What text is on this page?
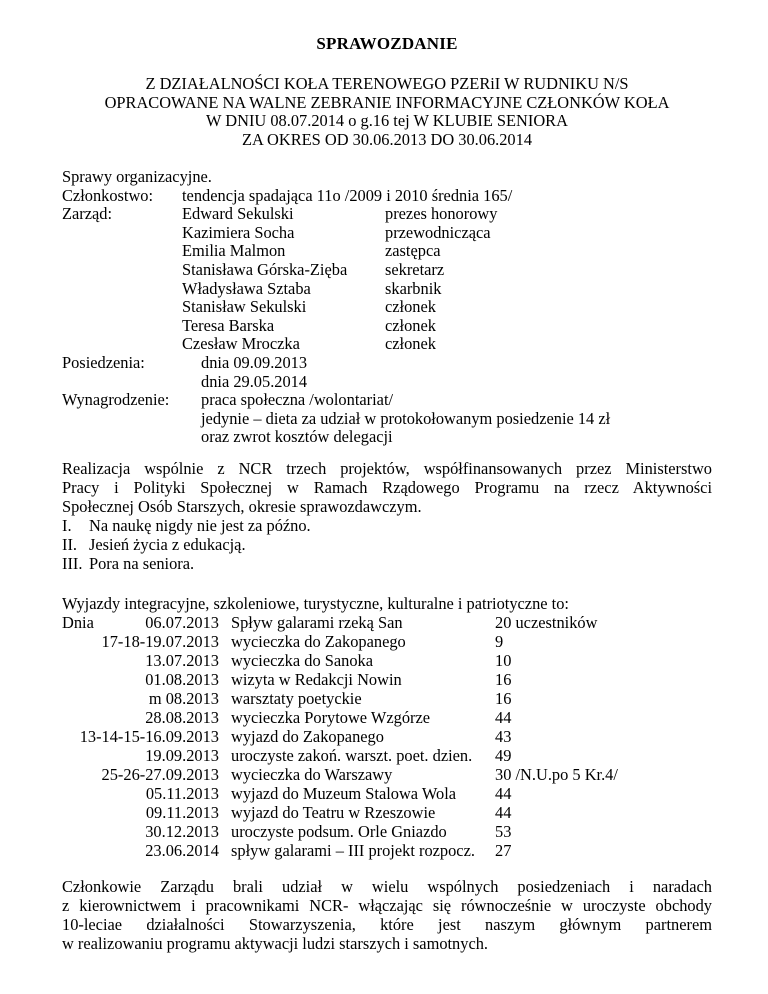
SPRAWOZDANIE
Z DZIAŁALNOŚCI KOŁA TERENOWEGO PZERiI W RUDNIKU N/S
OPRACOWANE NA WALNE ZEBRANIE INFORMACYJNE CZŁONKÓW KOŁA
W DNIU 08.07.2014 o g.16 tej W KLUBIE SENIORA
ZA OKRES OD 30.06.2013 DO 30.06.2014
Sprawy organizacyjne.
Członkostwo: tendencja spadająca 11o /2009 i 2010 średnia 165/
Zarząd:	Edward Sekulski	prezes honorowy
Kazimiera Socha	przewodnicząca
Emilia Malmon	zastępca
Stanisława Górska-Zięba sekretarz
Władysława Sztaba	skarbnik
Stanisław Sekulski	członek
Teresa Barska	członek
Czesław Mroczka	członek
Posiedzenia:	dnia 09.09.2013
dnia 29.05.2014
Wynagrodzenie: praca społeczna /wolontariat/
jedynie – dieta za udział w protokołowanym posiedzenie 14 zł
oraz zwrot kosztów delegacji
Realizacja wspólnie z NCR trzech projektów, współfinansowanych przez Ministerstwo
Pracy i Polityki Społecznej w Ramach Rządowego Programu na rzecz Aktywności
Społecznej Osób Starszych, okresie sprawozdawczym.
I. Na naukę nigdy nie jest za późno.
II. Jesień życia z edukacją.
III. Pora na seniora.
Wyjazdy integracyjne, szkoleniowe, turystyczne, kulturalne i patriotyczne to:
Dnia	06.07.2013 Spływ galarami rzeką San	20 uczestników
17-18-19.07.2013 wycieczka do Zakopanego	9
13.07.2013 wycieczka do Sanoka	10
01.08.2013 wizyta w Redakcji Nowin	16
m 08.2013 warsztaty poetyckie	16
28.08.2013 wycieczka Porytowe Wzgórze	44
13-14-15-16.09.2013 wyjazd do Zakopanego	43
19.09.2013 uroczyste zakoń. warszt. poet. dzien. 49
25-26-27.09.2013 wycieczka do Warszawy	30 /N.U.po 5 Kr.4/
05.11.2013 wyjazd do Muzeum Stalowa Wola 44
09.11.2013 wyjazd do Teatru w Rzeszowie	44
30.12.2013 uroczyste podsum. Orle Gniazdo	53
23.06.2014 spływ galarami – III projekt rozpocz. 27
Członkowie Zarządu brali udział w wielu wspólnych posiedzeniach i naradach
z kierownictwem i pracownikami NCR- włączając się równocześnie w uroczyste obchody
10-leciae działalności Stowarzyszenia, które jest naszym głównym partnerem
w realizowaniu programu aktywacji ludzi starszych i samotnych.
